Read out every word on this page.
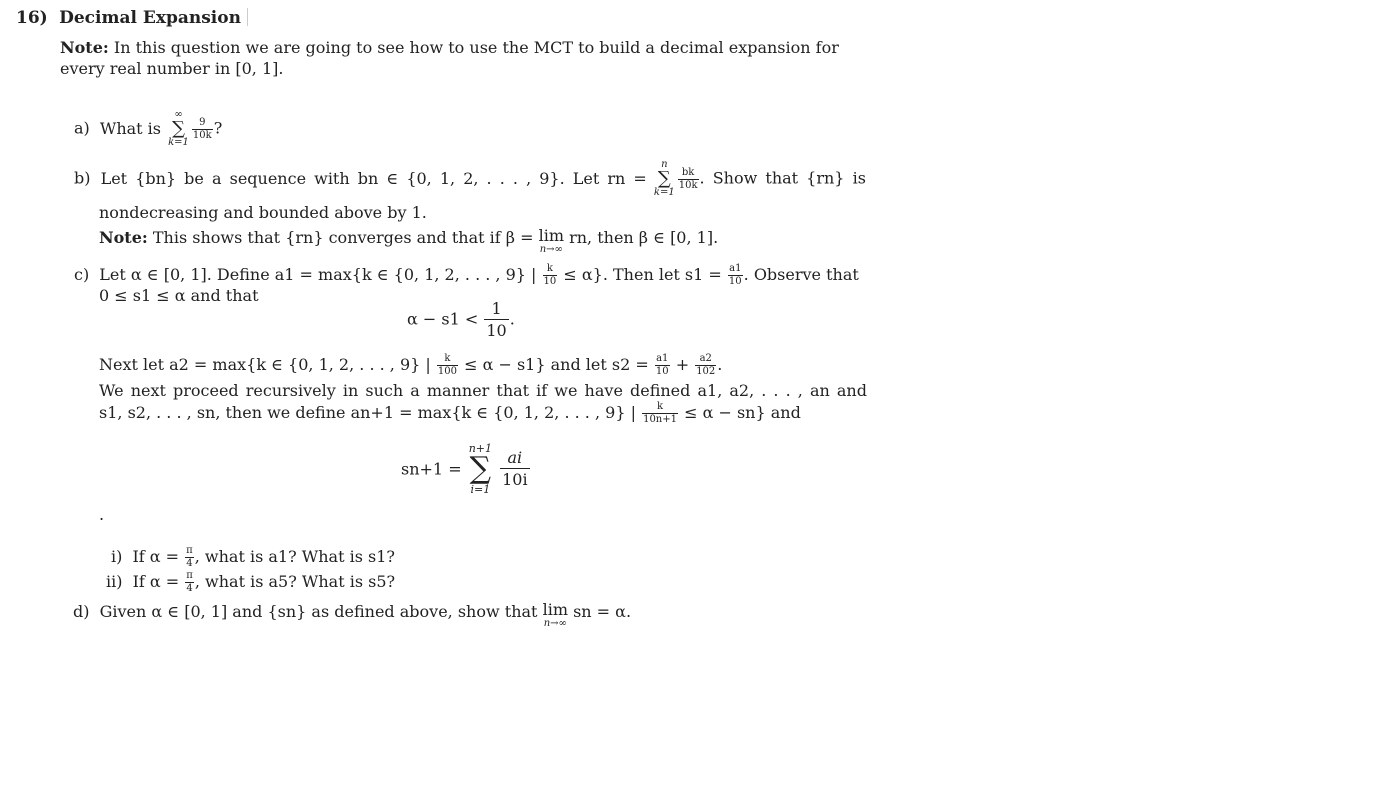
16) Decimal Expansion
Note: In this question we are going to see how to use the MCT to build a decimal expansion for
every real number in [0, 1].
a) What is
∞
∑
k=1
$\frac{9}{10k}$ ?
b) Let {bn} be a sequence with bn ∈ {0, 1, 2, . . . , 9}. Let rn =
n
∑
k=1
$\frac{bk}{10k}$ . Show that {rn} is
nondecreasing and bounded above by 1.
Note: This shows that {rn} converges and that if β = lim
n→∞
rn, then β ∈ [0, 1].
c) Let α ∈ [0, 1]. Define a1 = max{k ∈ {0, 1, 2, . . . , 9} | $\frac{k}{10} \le \alpha$}. Then let $s1 = \frac{a1}{10}$ . Observe that
0 ≤ s1 ≤ α and that
$\alpha - s1 < \frac{1}{10}$ .
Next let a2 = max{k ∈ {0, 1, 2, . . . , 9} | $\frac{k}{100} \le \alpha - s1$} and let $s2 = \frac{a1}{10} + \frac{a2}{102}$ .
We next proceed recursively in such a manner that if we have defined a1, a2, . . . , an and
s1, s2, . . . , sn, then we define an+1 = max{k ∈ {0, 1, 2, . . . , 9} | $\frac{k}{10n+1} \le \alpha - sn$} and
sn+1 =
n+1
∑
i=1

$\frac{ai}{10i}$
.
i) If $\alpha = \frac{\pi}{4}$ , what is a1? What is s1?
ii) If $\alpha = \frac{\pi}{4}$ , what is a5? What is s5?
d) Given α ∈ [0, 1] and {sn} as defined above, show that lim
n→∞
sn = α.
